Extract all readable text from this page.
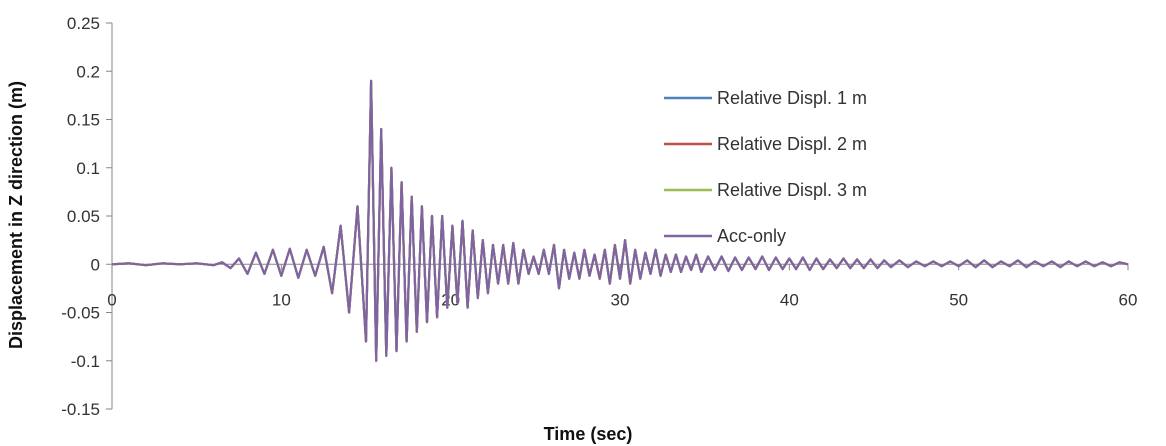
-0.15
-0.1
-0.05
0
0.05
0.1
0.15
0.2
0.25
0	10	20	30	40	50	60
Time (sec)
Displacement in Z direction (m)	Relative Displ. 1 m
Relative Displ. 2 m
Relative Displ. 3 m
Acc-only
